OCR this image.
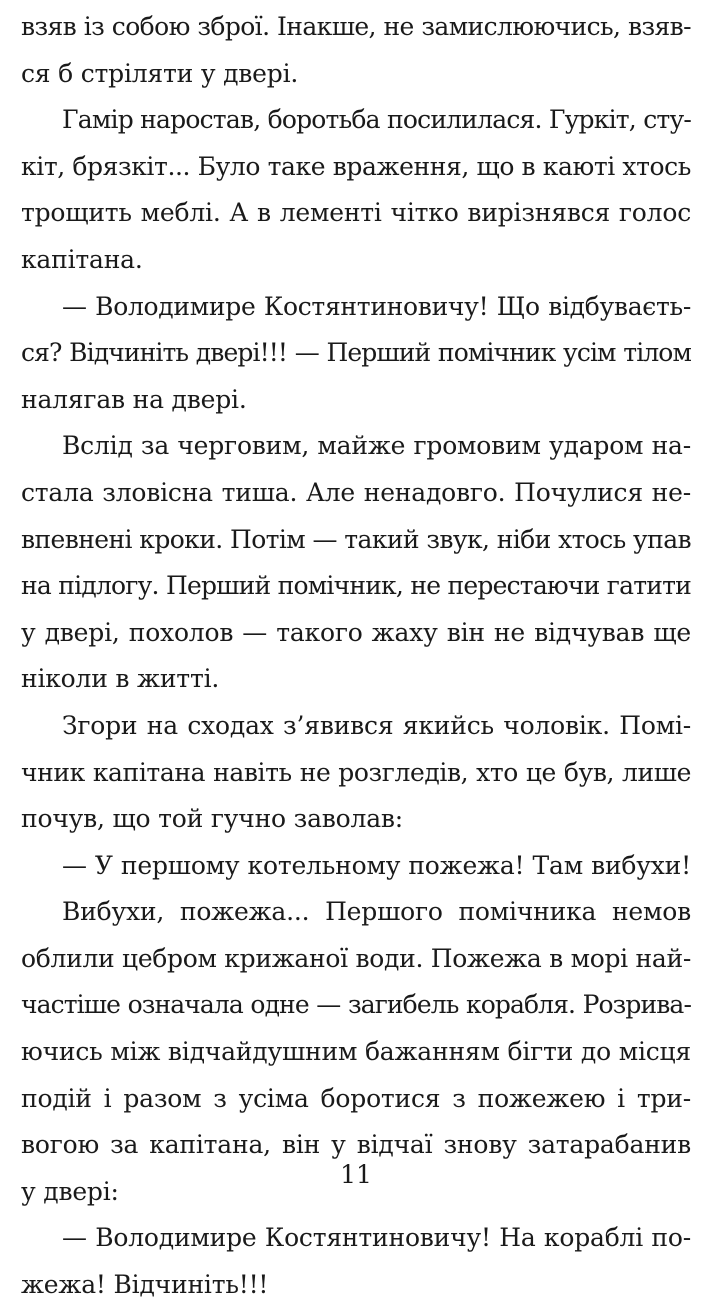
взяв із собою зброї. Інакше, не замислюючись, взяв-
ся б стріляти у двері.
Гамір наростав, боротьба посилилася. Гуркіт, сту-
кіт, брязкіт... Було таке враження, що в каюті хтось
трощить меблі. А в лементі чітко вирізнявся голос
капітана.
— Володимире Костянтиновичу! Що відбуваєть-
ся? Відчиніть двері!!! — Перший помічник усім тілом
налягав на двері.
Вслід за черговим, майже громовим ударом на-
стала зловісна тиша. Але ненадовго. Почулися не-
впевнені кроки. Потім — такий звук, ніби хтось упав
на підлогу. Перший помічник, не перестаючи гатити
у двері, похолов — такого жаху він не відчував ще
ніколи в житті.
Згори на сходах з’явився якийсь чоловік. Помі-
чник капітана навіть не розгледів, хто це був, лише
почув, що той гучно заволав:
— У першому котельному пожежа! Там вибухи!
Вибухи, пожежа... Першого помічника немов
облили цебром крижаної води. Пожежа в морі най-
частіше означала одне — загибель корабля. Розрива-
ючись між відчайдушним бажанням бігти до місця
подій і разом з усіма боротися з пожежею і три-
вогою за капітана, він у відчаї знову затарабанив
у двері:
— Володимире Костянтиновичу! На кораблі по-
жежа! Відчиніть!!!
11
